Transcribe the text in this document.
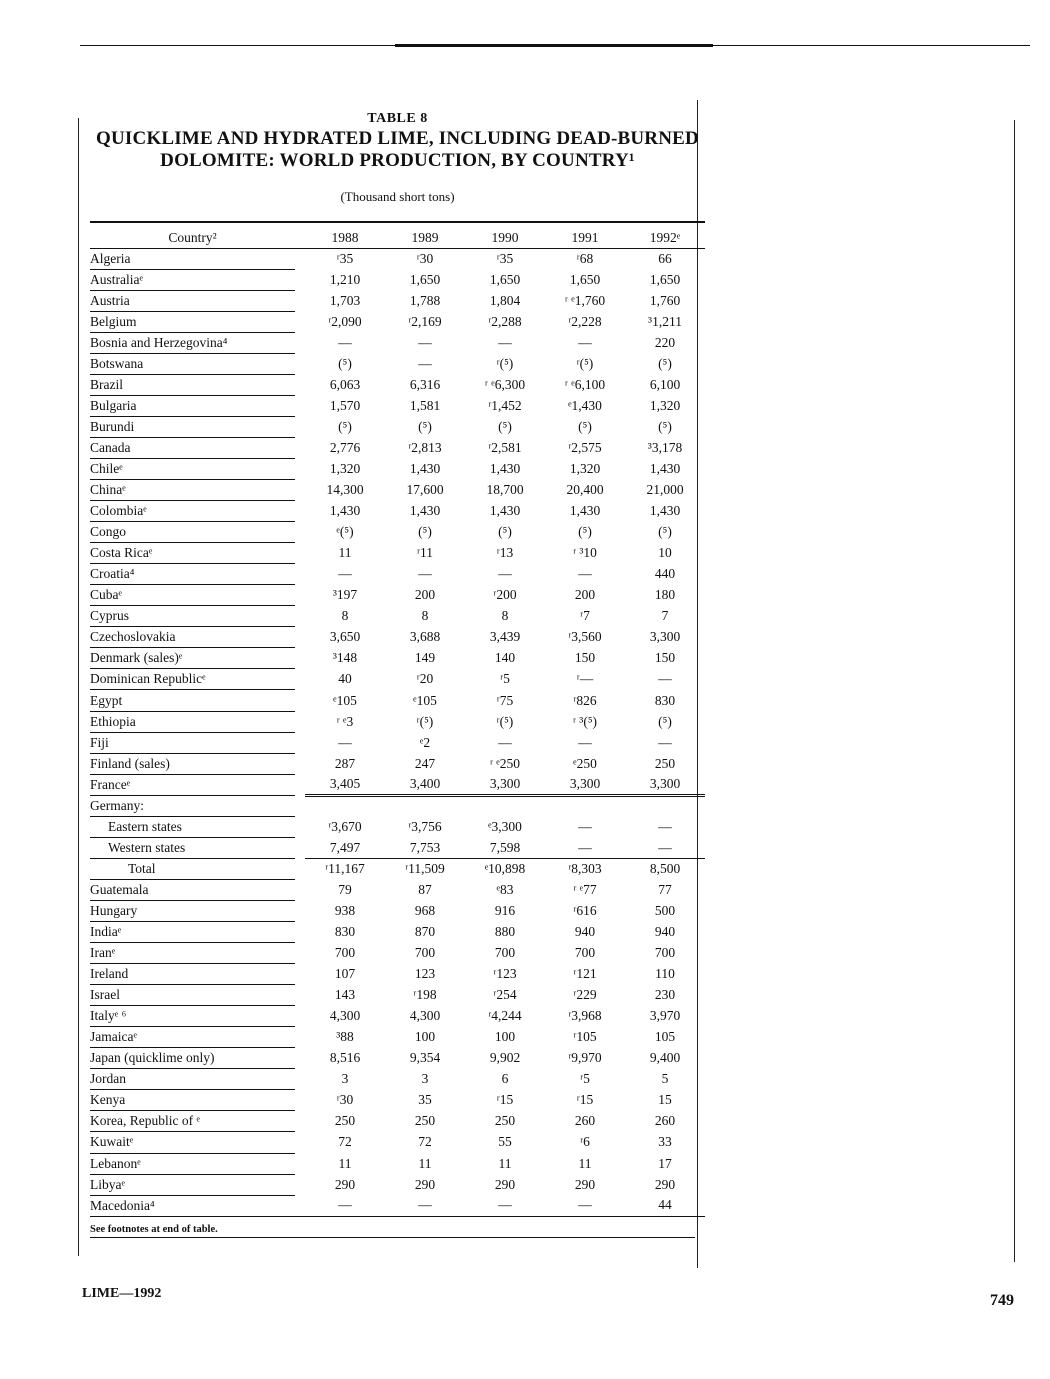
TABLE 8
QUICKLIME AND HYDRATED LIME, INCLUDING DEAD-BURNED
DOLOMITE: WORLD PRODUCTION, BY COUNTRY¹
(Thousand short tons)
Country²		1988	1989	1990	1991	1992ᵉ
Algeria		ʳ35	ʳ30	ʳ35	ʳ68	66
Australiaᵉ		1,210	1,650	1,650	1,650	1,650
Austria		1,703	1,788	1,804	ʳ ᵉ1,760	1,760
Belgium		ʳ2,090	ʳ2,169	ʳ2,288	ʳ2,228	³1,211
Bosnia and Herzegovina⁴		—	—	—	—	220
Botswana		(⁵)	—	ʳ(⁵)	ʳ(⁵)	(⁵)
Brazil		6,063	6,316	ʳ ᵉ6,300	ʳ ᵉ6,100	6,100
Bulgaria		1,570	1,581	ʳ1,452	ᵉ1,430	1,320
Burundi		(⁵)	(⁵)	(⁵)	(⁵)	(⁵)
Canada		2,776	ʳ2,813	ʳ2,581	ʳ2,575	³3,178
Chileᵉ		1,320	1,430	1,430	1,320	1,430
Chinaᵉ		14,300	17,600	18,700	20,400	21,000
Colombiaᵉ		1,430	1,430	1,430	1,430	1,430
Congo		ᵉ(⁵)	(⁵)	(⁵)	(⁵)	(⁵)
Costa Ricaᵉ		11	ʳ11	ʳ13	ʳ ³10	10
Croatia⁴		—	—	—	—	440
Cubaᵉ		³197	200	ʳ200	200	180
Cyprus		8	8	8	ʳ7	7
Czechoslovakia		3,650	3,688	3,439	ʳ3,560	3,300
Denmark (sales)ᵉ		³148	149	140	150	150
Dominican Republicᵉ		40	ʳ20	ʳ5	ʳ—	—
Egypt		ᵉ105	ᵉ105	ʳ75	ʳ826	830
Ethiopia		ʳ ᵉ3	ʳ(⁵)	ʳ(⁵)	ʳ ³(⁵)	(⁵)
Fiji		—	ᵉ2	—	—	—
Finland (sales)		287	247	ʳ ᵉ250	ᵉ250	250
Franceᵉ		3,405	3,400	3,300	3,300	3,300
Germany:						
Eastern states		ʳ3,670	ʳ3,756	ᵉ3,300	—	—
Western states		7,497	7,753	7,598	—	—
Total		ʳ11,167	ʳ11,509	ᵉ10,898	ʳ8,303	8,500
Guatemala		79	87	ᵉ83	ʳ ᵉ77	77
Hungary		938	968	916	ʳ616	500
Indiaᵉ		830	870	880	940	940
Iranᵉ		700	700	700	700	700
Ireland		107	123	ʳ123	ʳ121	110
Israel		143	ʳ198	ʳ254	ʳ229	230
Italyᵉ ⁶		4,300	4,300	ʳ4,244	ʳ3,968	3,970
Jamaicaᵉ		³88	100	100	ʳ105	105
Japan (quicklime only)		8,516	9,354	9,902	ʳ9,970	9,400
Jordan		3	3	6	ʳ5	5
Kenya		ʳ30	35	ʳ15	ʳ15	15
Korea, Republic of ᵉ		250	250	250	260	260
Kuwaitᵉ		72	72	55	ʳ6	33
Lebanonᵉ		11	11	11	11	17
Libyaᵉ		290	290	290	290	290
Macedonia⁴		—	—	—	—	44
See footnotes at end of table.
LIME—1992	749
